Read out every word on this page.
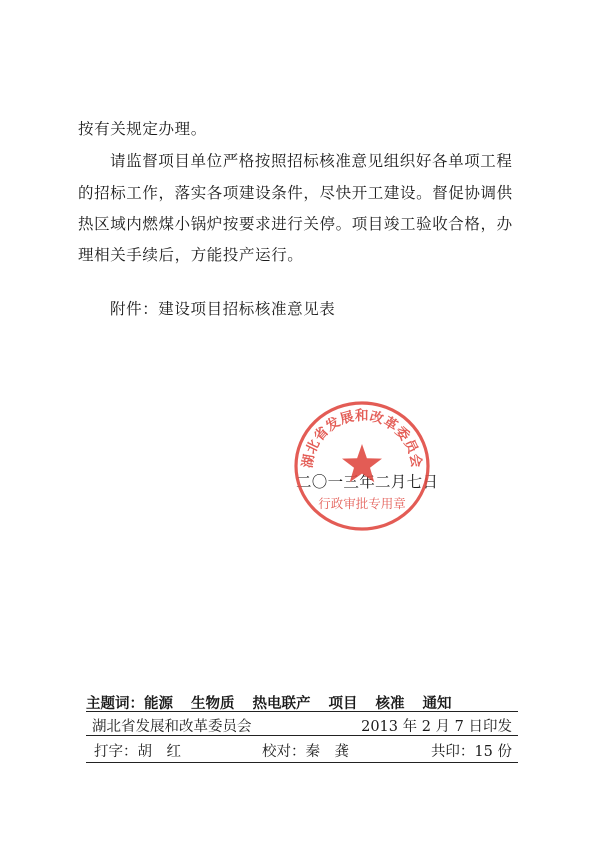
按有关规定办理。
请监督项目单位严格按照招标核准意见组织好各单项工程
的招标工作，落实各项建设条件，尽快开工建设。督促协调供
热区域内燃煤小锅炉按要求进行关停。项目竣工验收合格，办
理相关手续后，方能投产运行。
附件：建设项目招标核准意见表
二〇一三年二月七日
湖北省发展和改革委员会
行政审批专用章
主题词：能源 生物质 热电联产 项目 核准 通知
湖北省发展和改革委员会	2013 年 2 月 7 日印发
打字：胡　红	校对：秦　龚	共印：15 份
